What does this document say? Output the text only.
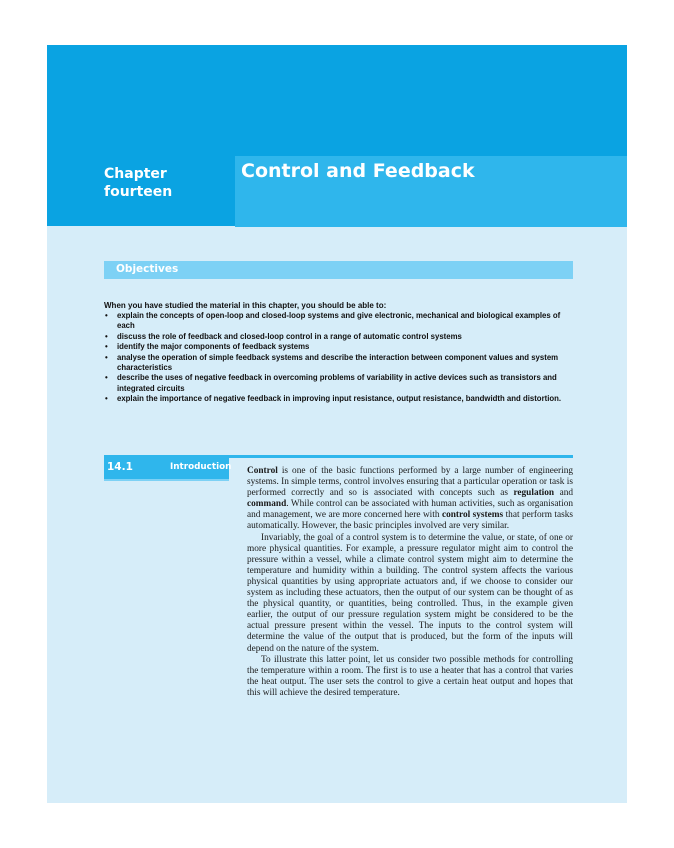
Chapter
fourteen
Control and Feedback
Objectives
When you have studied the material in this chapter, you should be able to:
• explain the concepts of open-loop and closed-loop systems and give electronic, mechanical and biological examples of each
• discuss the role of feedback and closed-loop control in a range of automatic control systems
• identify the major components of feedback systems
• analyse the operation of simple feedback systems and describe the interaction between component values and system characteristics
• describe the uses of negative feedback in overcoming problems of variability in active devices such as transistors and integrated circuits
• explain the importance of negative feedback in improving input resistance, output resistance, bandwidth and distortion.
14.1	Introduction Control is one of the basic functions performed by a large number of engineering systems. In simple terms, control involves ensuring that a particular operation or task is performed correctly and so is associated with concepts such as regulation and command. While control can be associated with human activities, such as organisation and management, we are more concerned here with control systems that perform tasks automatically. However, the basic principles involved are very similar.

Invariably, the goal of a control system is to determine the value, or state, of one or more physical quantities. For example, a pressure regulator might aim to control the pressure within a vessel, while a climate control system might aim to determine the temperature and humidity within a building. The control system affects the various physical quantities by using appropriate actuators and, if we choose to consider our system as including these actuators, then the output of our system can be thought of as the physical quantity, or quantities, being controlled. Thus, in the example given earlier, the output of our pressure regulation system might be considered to be the actual pressure present within the vessel. The inputs to the control system will determine the value of the output that is produced, but the form of the inputs will depend on the nature of the system.

To illustrate this latter point, let us consider two possible methods for controlling the temperature within a room. The first is to use a heater that has a control that varies the heat output. The user sets the control to give a certain heat output and hopes that this will achieve the desired temperature.
